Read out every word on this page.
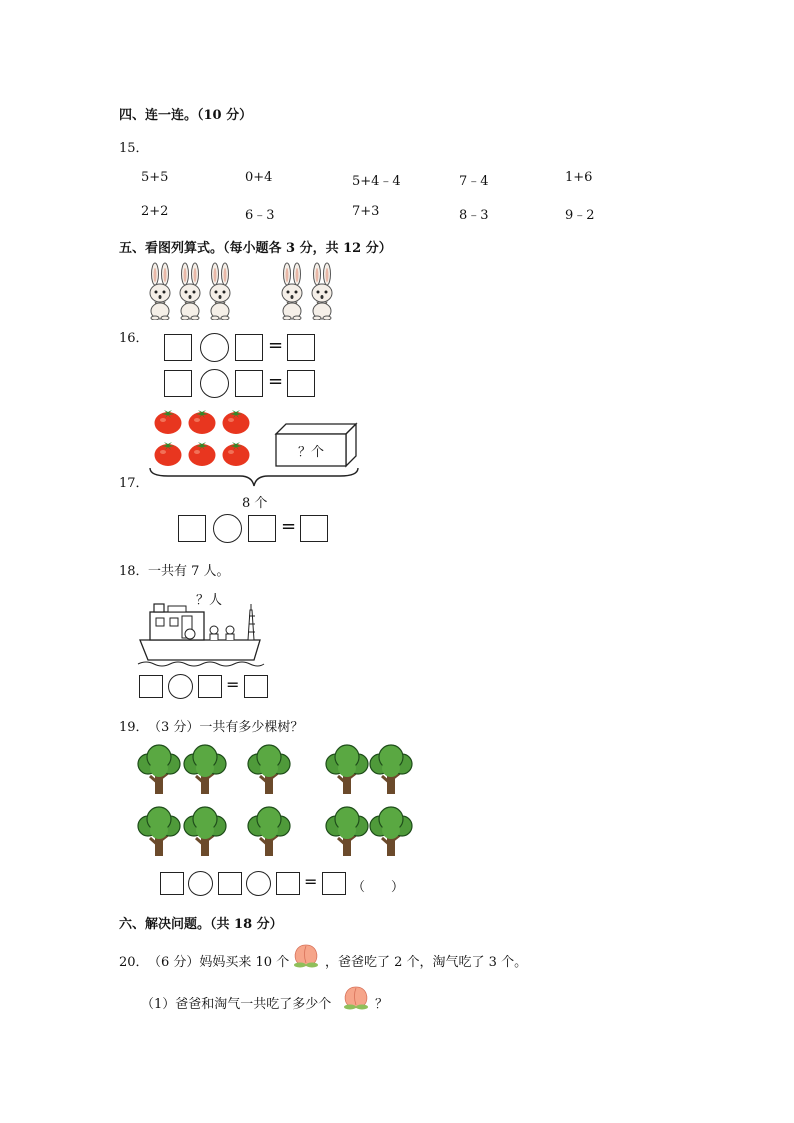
四、连一连。（10 分）
15．
5+5	0+4	5+4﹣4	7﹣4	1+6
2+2	6﹣3	7+3	8﹣3	9﹣2
五、看图列算式。（每小题各 3 分，共 12 分）
16．	=
=
？个
8 个
17．
=
18． 一共有 7 人。
？人
=
19． （3 分）一共有多少棵树？
=	（　　）
六、解决问题。（共 18 分）
20． （6 分）妈妈买来 10 个	，爸爸吃了 2 个，淘气吃了 3 个。
（1）爸爸和淘气一共吃了多少个	？
